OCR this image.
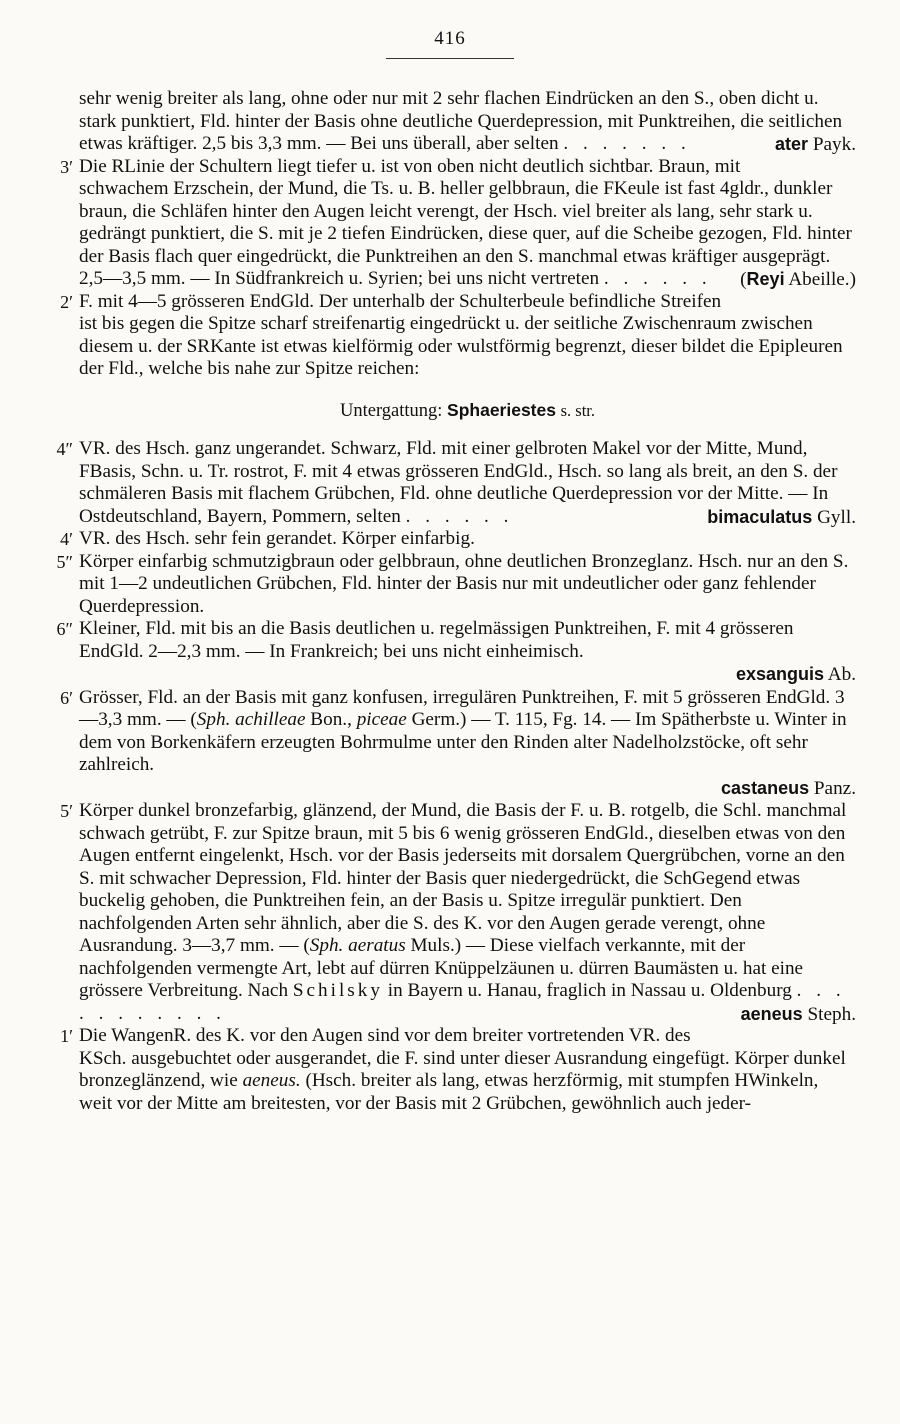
416

sehr wenig breiter als lang, ohne oder nur mit 2 sehr flachen Eindrücken an den S., oben dicht u. stark punktiert, Fld. hinter der Basis ohne deutliche Querdepression, mit Punktreihen, die seitlichen etwas kräftiger. 2,5 bis 3,3 mm. — Bei uns überall, aber selten . . . . . . .	ater Payk.

3′ Die RLinie der Schultern liegt tiefer u. ist von oben nicht deutlich sichtbar. Braun, mit schwachem Erzschein, der Mund, die Ts. u. B. heller gelbbraun, die FKeule ist fast 4gldr., dunkler braun, die Schläfen hinter den Augen leicht verengt, der Hsch. viel breiter als lang, sehr stark u. gedrängt punktiert, die S. mit je 2 tiefen Eindrücken, diese quer, auf die Scheibe gezogen, Fld. hinter der Basis flach quer eingedrückt, die Punktreihen an den S. manchmal etwas kräftiger ausgeprägt. 2,5—3,5 mm. — In Südfrankreich u. Syrien; bei uns nicht vertreten . . . . . . (Reyi Abeille.)

2′ F. mit 4—5 grösseren EndGld. Der unterhalb der Schulterbeule befindliche Streifen ist bis gegen die Spitze scharf streifenartig eingedrückt u. der seitliche Zwischenraum zwischen diesem u. der SRKante ist etwas kielförmig oder wulstförmig begrenzt, dieser bildet die Epipleuren der Fld., welche bis nahe zur Spitze reichen:

Untergattung: Sphaeriestes s. str.

4″ VR. des Hsch. ganz ungerandet. Schwarz, Fld. mit einer gelbroten Makel vor der Mitte, Mund, FBasis, Schn. u. Tr. rostrot, F. mit 4 etwas grösseren EndGld., Hsch. so lang als breit, an den S. der schmäleren Basis mit flachem Grübchen, Fld. ohne deutliche Querdepression vor der Mitte. — In Ostdeutschland, Bayern, Pommern, selten . . . . . .	bimaculatus Gyll.

4′ VR. des Hsch. sehr fein gerandet. Körper einfarbig.

5″ Körper einfarbig schmutzigbraun oder gelbbraun, ohne deutlichen Bronzeglanz. Hsch. nur an den S. mit 1—2 undeutlichen Grübchen, Fld. hinter der Basis nur mit undeutlicher oder ganz fehlender Querdepression.

6″ Kleiner, Fld. mit bis an die Basis deutlichen u. regelmässigen Punktreihen, F. mit 4 grösseren EndGld. 2—2,3 mm. — In Frankreich; bei uns nicht einheimisch.
exsanguis Ab.

6′ Grösser, Fld. an der Basis mit ganz konfusen, irregulären Punktreihen, F. mit 5 grösseren EndGld. 3—3,3 mm. — (Sph. achilleae Bon., piceae Germ.) — T. 115, Fg. 14. — Im Spätherbste u. Winter in dem von Borkenkäfern erzeugten Bohrmulme unter den Rinden alter Nadelholzstöcke, oft sehr zahlreich.
castaneus Panz.

5′ Körper dunkel bronzefarbig, glänzend, der Mund, die Basis der F. u. B. rotgelb, die Schl. manchmal schwach getrübt, F. zur Spitze braun, mit 5 bis 6 wenig grösseren EndGld., dieselben etwas von den Augen entfernt eingelenkt, Hsch. vor der Basis jederseits mit dorsalem Quergrübchen, vorne an den S. mit schwacher Depression, Fld. hinter der Basis quer niedergedrückt, die SchGegend etwas buckelig gehoben, die Punktreihen fein, an der Basis u. Spitze irregulär punktiert. Den nachfolgenden Arten sehr ähnlich, aber die S. des K. vor den Augen gerade verengt, ohne Ausrandung. 3—3,7 mm. — (Sph. aeratus Muls.) — Diese vielfach verkannte, mit der nachfolgenden vermengte Art, lebt auf dürren Knüppelzäunen u. dürren Baumästen u. hat eine grössere Verbreitung. Nach Schilsky in Bayern u. Hanau, fraglich in Nassau u. Oldenburg . . . . . . . . . . .	aeneus Steph.

1′ Die WangenR. des K. vor den Augen sind vor dem breiter vortretenden VR. des KSch. ausgebuchtet oder ausgerandet, die F. sind unter dieser Ausrandung eingefügt. Körper dunkel bronzeglänzend, wie aeneus. (Hsch. breiter als lang, etwas herzförmig, mit stumpfen HWinkeln, weit vor der Mitte am breitesten, vor der Basis mit 2 Grübchen, gewöhnlich auch jeder-
